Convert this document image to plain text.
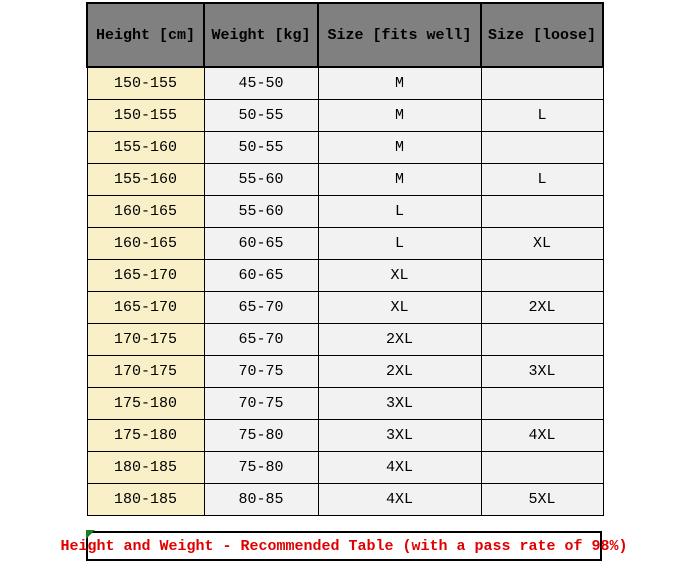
Height [cm]	Weight [kg]	Size [fits well]	Size [loose]
150-155	45-50	M	
150-155	50-55	M	L
155-160	50-55	M	
155-160	55-60	M	L
160-165	55-60	L	
160-165	60-65	L	XL
165-170	60-65	XL	
165-170	65-70	XL	2XL
170-175	65-70	2XL	
170-175	70-75	2XL	3XL
175-180	70-75	3XL	
175-180	75-80	3XL	4XL
180-185	75-80	4XL	
180-185	80-85	4XL	5XL
Height and Weight - Recommended Table (with a pass rate of 98%)
